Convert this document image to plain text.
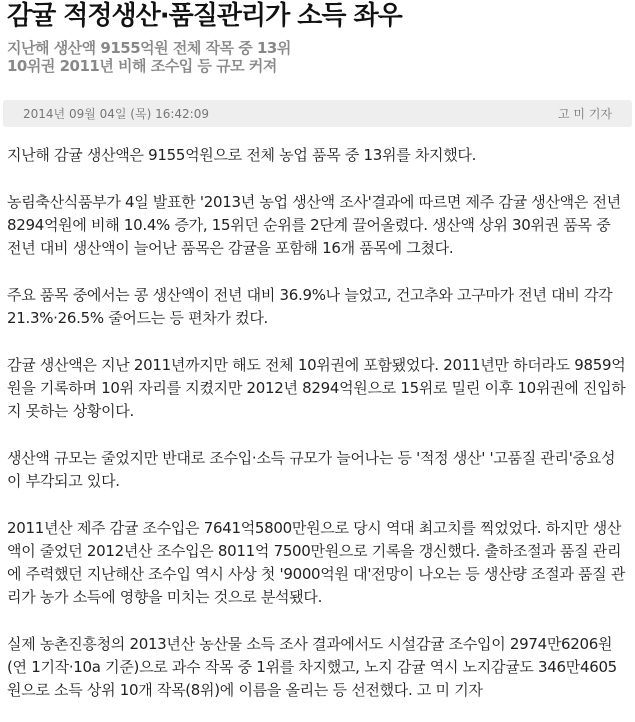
감귤 적정생산·품질관리가 소득 좌우
지난해 생산액 9155억원 전체 작목 중 13위
10위권 2011년 비해 조수입 등 규모 커져
2014년 09월 04일 (목) 16:42:09	고 미 기자

지난해 감귤 생산액은 9155억원으로 전체 농업 품목 중 13위를 차지했다.

농림축산식품부가 4일 발표한 '2013년 농업 생산액 조사'결과에 따르면 제주 감귤 생산액은 전년 8294억원에 비해 10.4% 증가, 15위던 순위를 2단계 끌어올렸다. 생산액 상위 30위권 품목 중 전년 대비 생산액이 늘어난 품목은 감귤을 포함해 16개 품목에 그쳤다.

주요 품목 중에서는 콩 생산액이 전년 대비 36.9%나 늘었고, 건고추와 고구마가 전년 대비 각각 21.3%·26.5% 줄어드는 등 편차가 컸다.

감귤 생산액은 지난 2011년까지만 해도 전체 10위권에 포함됐었다. 2011년만 하더라도 9859억원을 기록하며 10위 자리를 지켰지만 2012년 8294억원으로 15위로 밀린 이후 10위권에 진입하지 못하는 상황이다.

생산액 규모는 줄었지만 반대로 조수입·소득 규모가 늘어나는 등 '적정 생산' '고품질 관리'중요성이 부각되고 있다.

2011년산 제주 감귤 조수입은 7641억5800만원으로 당시 역대 최고치를 찍었었다. 하지만 생산액이 줄었던 2012년산 조수입은 8011억 7500만원으로 기록을 갱신했다. 출하조절과 품질 관리에 주력했던 지난해산 조수입 역시 사상 첫 '9000억원 대'전망이 나오는 등 생산량 조절과 품질 관리가 농가 소득에 영향을 미치는 것으로 분석됐다.

실제 농촌진흥청의 2013년산 농산물 소득 조사 결과에서도 시설감귤 조수입이 2974만6206원(연 1기작·10a 기준)으로 과수 작목 중 1위를 차지했고, 노지 감귤 역시 노지감귤도 346만4605원으로 소득 상위 10개 작목(8위)에 이름을 올리는 등 선전했다. 고 미 기자
